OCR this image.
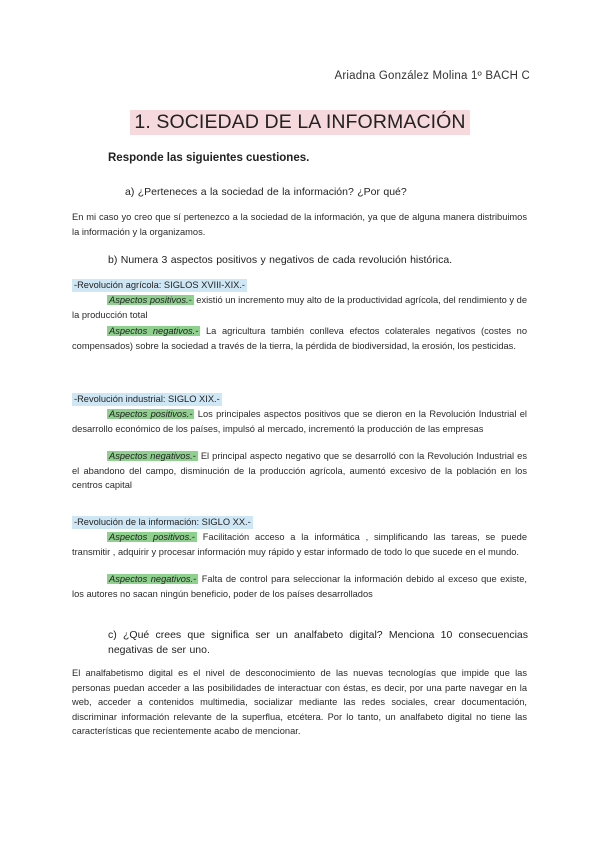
Ariadna González Molina 1º BACH C
1. SOCIEDAD DE LA INFORMACIÓN
Responde las siguientes cuestiones.
a) ¿Perteneces a la sociedad de la información? ¿Por qué?
En mi caso yo creo que sí pertenezco a la sociedad de la información, ya que de alguna manera distribuimos la información y la organizamos.
b) Numera 3 aspectos positivos y negativos de cada revolución histórica.
-Revolución agrícola: SIGLOS XVIII-XIX.-
Aspectos positivos.- existió un incremento muy alto de la productividad agrícola, del rendimiento y de la producción total
Aspectos negativos.- La agricultura también conlleva efectos colaterales negativos (costes no compensados) sobre la sociedad a través de la tierra, la pérdida de biodiversidad, la erosión, los pesticidas.
-Revolución industrial: SIGLO XIX.-
Aspectos positivos.- Los principales aspectos positivos que se dieron en la Revolución Industrial el desarrollo económico de los países, impulsó al mercado, incrementó la producción de las empresas
Aspectos negativos.- El principal aspecto negativo que se desarrolló con la Revolución Industrial es el abandono del campo, disminución de la producción agrícola, aumentó excesivo de la población en los centros capital
-Revolución de la información: SIGLO XX.-
Aspectos positivos.- Facilitación acceso a la informática , simplificando las tareas, se puede transmitir , adquirir y procesar información muy rápido y estar informado de todo lo que sucede en el mundo.
Aspectos negativos.- Falta de control para seleccionar la información debido al exceso que existe, los autores no sacan ningún beneficio, poder de los países desarrollados
c) ¿Qué crees que significa ser un analfabeto digital? Menciona 10 consecuencias negativas de ser uno.
El analfabetismo digital es el nivel de desconocimiento de las nuevas tecnologías que impide que las personas puedan acceder a las posibilidades de interactuar con éstas, es decir, por una parte navegar en la web, acceder a contenidos multimedia, socializar mediante las redes sociales, crear documentación, discriminar información relevante de la superflua, etcétera. Por lo tanto, un analfabeto digital no tiene las características que recientemente acabo de mencionar.
